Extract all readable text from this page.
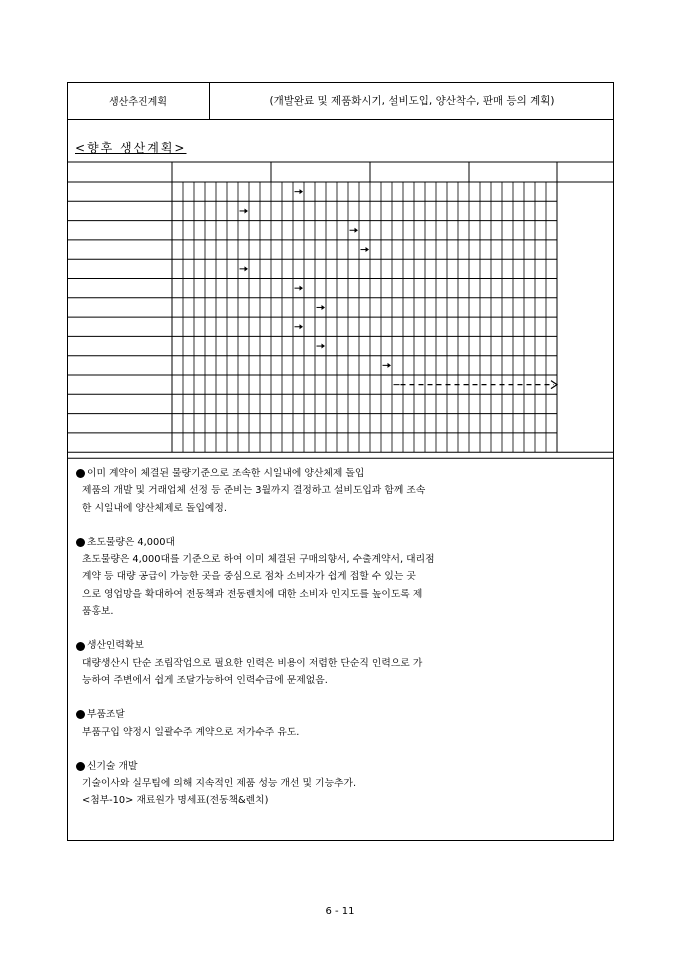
생산추진계획	(개발완료 및 제품화시기, 설비도입, 양산착수, 판매 등의 계획)
<향후 생산계획>

이미 계약이 체결된 물량기준으로 조속한 시일내에 양산체제 돌입

제품의 개발 및 거래업체 선정 등 준비는 3월까지 결정하고 설비도입과 함께 조속

한 시일내에 양산체제로 돌입예정.

초도물량은 4,000대

초도물량은 4,000대를 기준으로 하여 이미 체결된 구매의향서, 수출계약서, 대리점

계약 등 대량 공급이 가능한 곳을 중심으로 점차 소비자가 쉽게 접할 수 있는 곳

으로 영업망을 확대하여 전동책과 전동렌치에 대한 소비자 인지도를 높이도록 제

품홍보.

생산인력확보

대량생산시 단순 조립작업으로 필요한 인력은 비용이 저렴한 단순직 인력으로 가

능하여 주변에서 쉽게 조달가능하여 인력수급에 문제없음.

부품조달

부품구입 약정시 일괄수주 계약으로 저가수주 유도.

신기술 개발

기술이사와 실무팀에 의해 지속적인 제품 성능 개선 및 기능추가.

<첨부-10> 재료원가 명세표(전동책&렌치)

6 - 11
